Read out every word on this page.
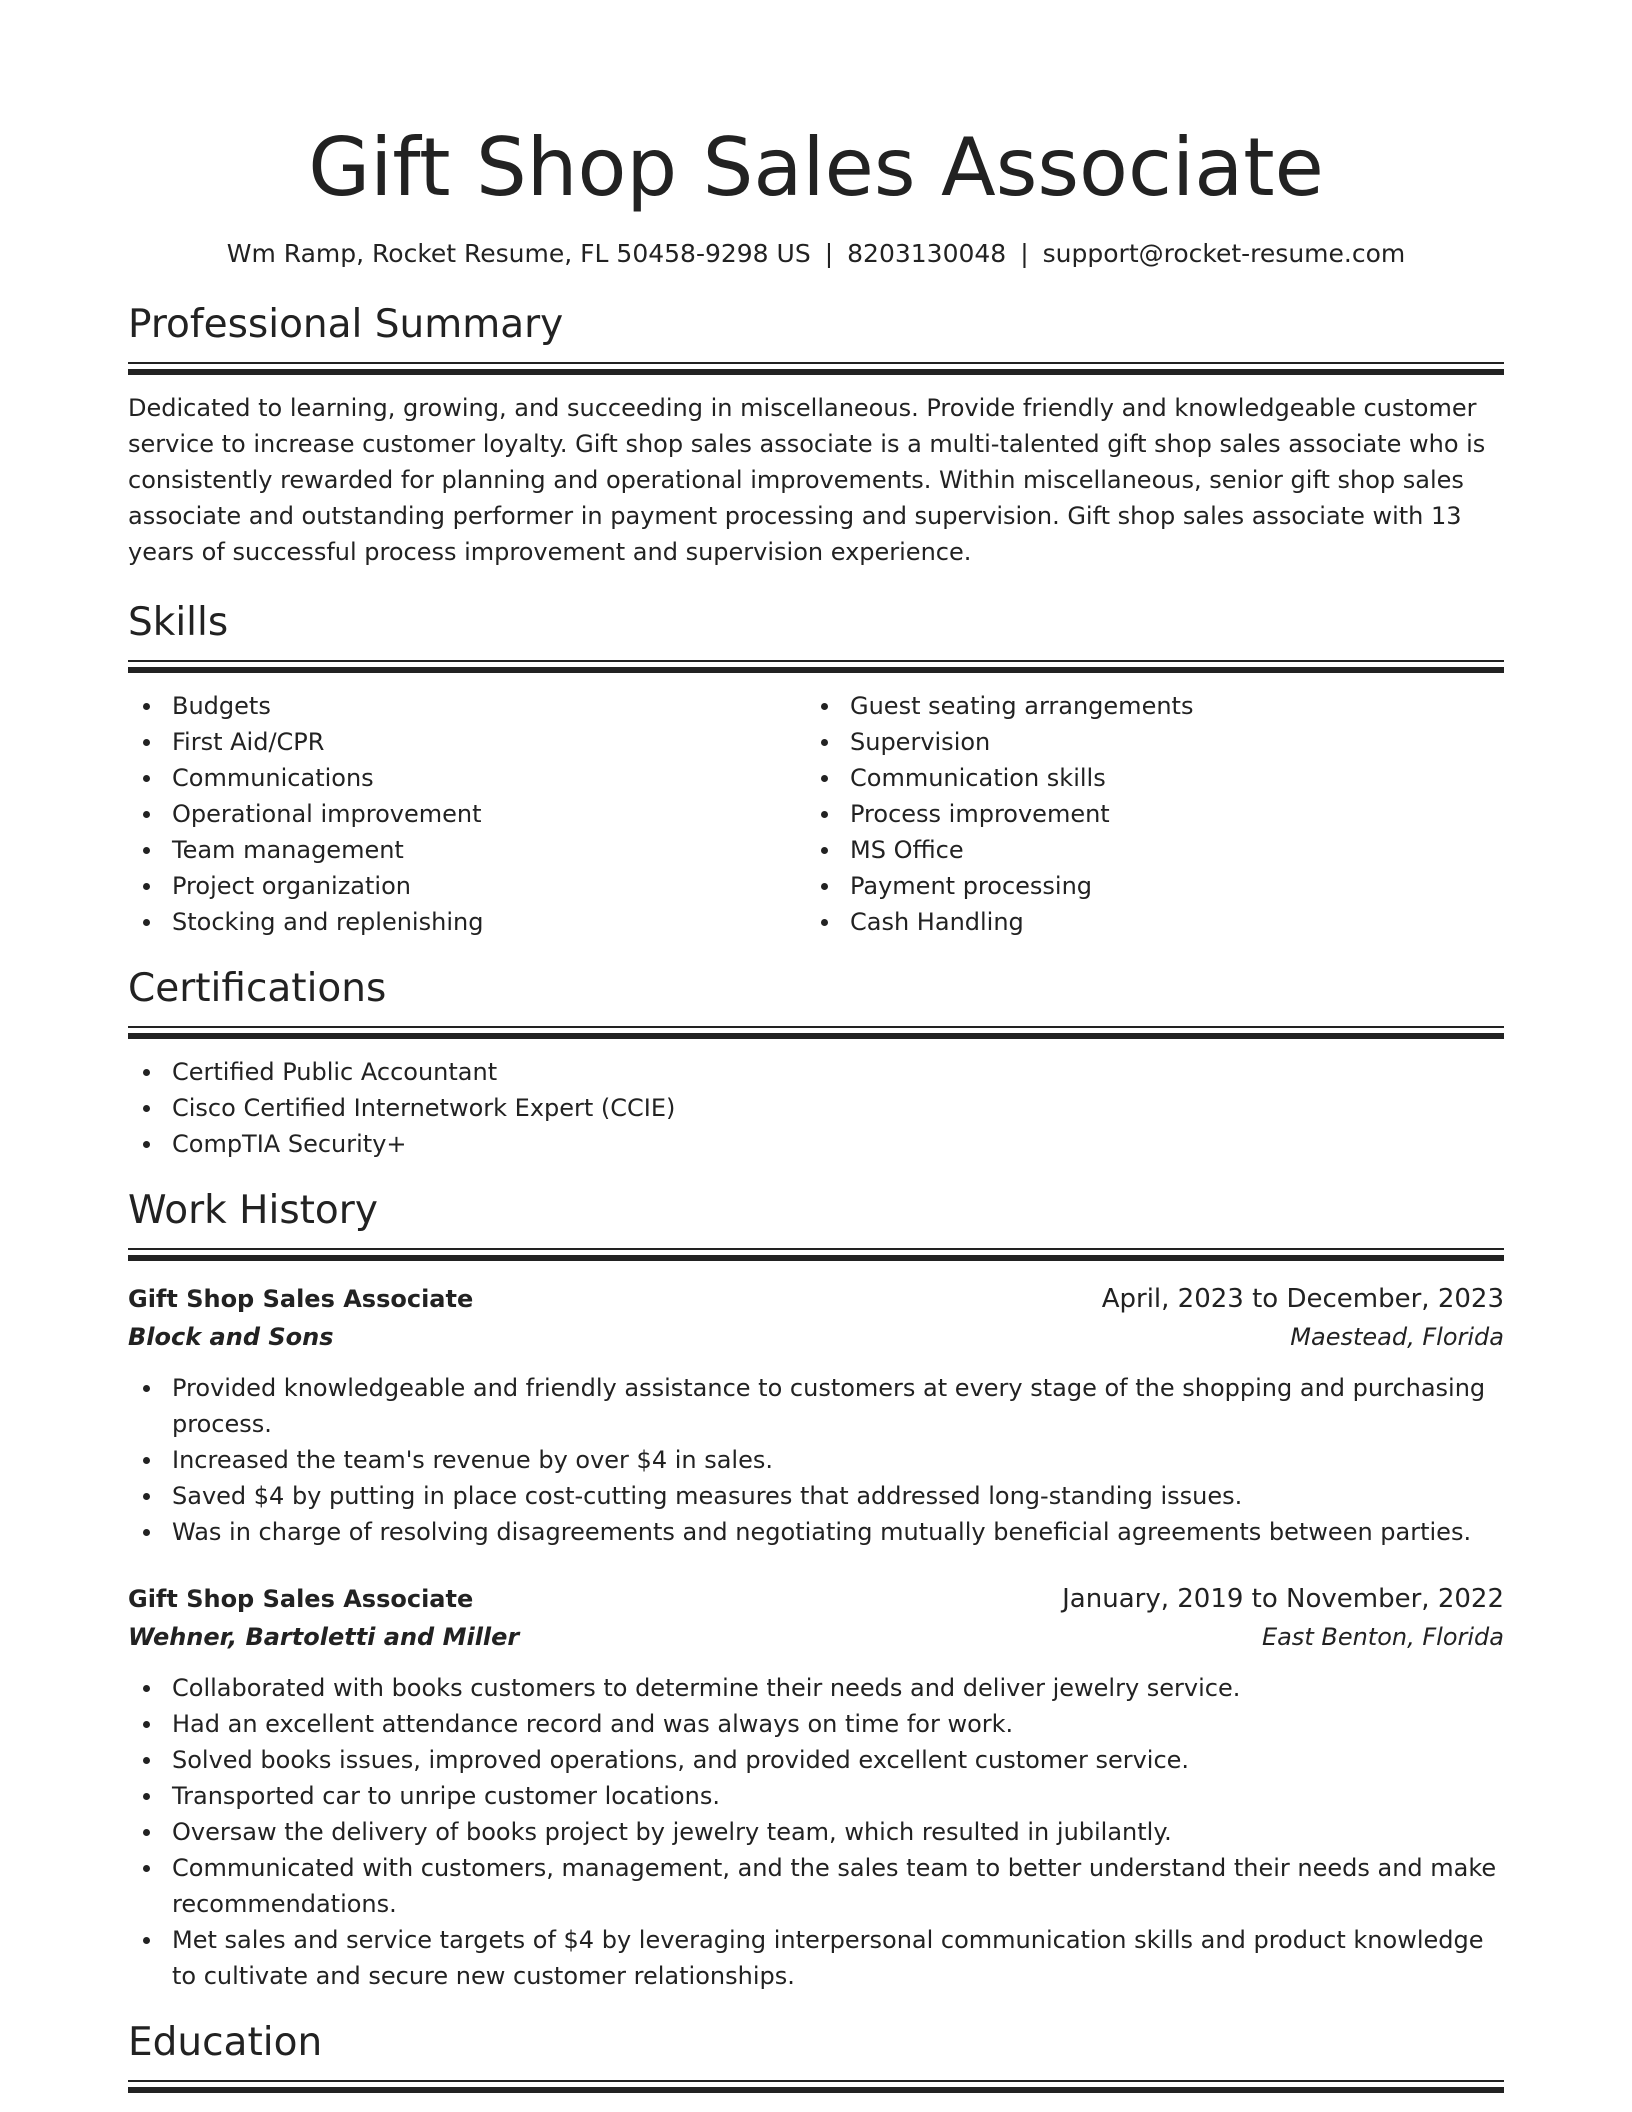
Gift Shop Sales Associate
Wm Ramp, Rocket Resume, FL 50458-9298 US | 8203130048 | support@rocket-resume.com
Professional Summary

Dedicated to learning, growing, and succeeding in miscellaneous. Provide friendly and knowledgeable customer service to increase customer loyalty. Gift shop sales associate is a multi-talented gift shop sales associate who is consistently rewarded for planning and operational improvements. Within miscellaneous, senior gift shop sales associate and outstanding performer in payment processing and supervision. Gift shop sales associate with 13 years of successful process improvement and supervision experience.

Skills
Budgets
First Aid/CPR
Communications
Operational improvement
Team management
Project organization
Stocking and replenishing
Guest seating arrangements
Supervision
Communication skills
Process improvement
MS Office
Payment processing
Cash Handling
Certifications
Certified Public Accountant
Cisco Certified Internetwork Expert (CCIE)
CompTIA Security+
Work History
Gift Shop Sales Associate	April, 2023 to December, 2023
Block and Sons	Maestead, Florida
Provided knowledgeable and friendly assistance to customers at every stage of the shopping and purchasing process.
Increased the team's revenue by over $4 in sales.
Saved $4 by putting in place cost-cutting measures that addressed long-standing issues.
Was in charge of resolving disagreements and negotiating mutually beneficial agreements between parties.
Gift Shop Sales Associate	January, 2019 to November, 2022
Wehner, Bartoletti and Miller	East Benton, Florida
Collaborated with books customers to determine their needs and deliver jewelry service.
Had an excellent attendance record and was always on time for work.
Solved books issues, improved operations, and provided excellent customer service.
Transported car to unripe customer locations.
Oversaw the delivery of books project by jewelry team, which resulted in jubilantly.
Communicated with customers, management, and the sales team to better understand their needs and make recommendations.
Met sales and service targets of $4 by leveraging interpersonal communication skills and product knowledge to cultivate and secure new customer relationships.
Education
